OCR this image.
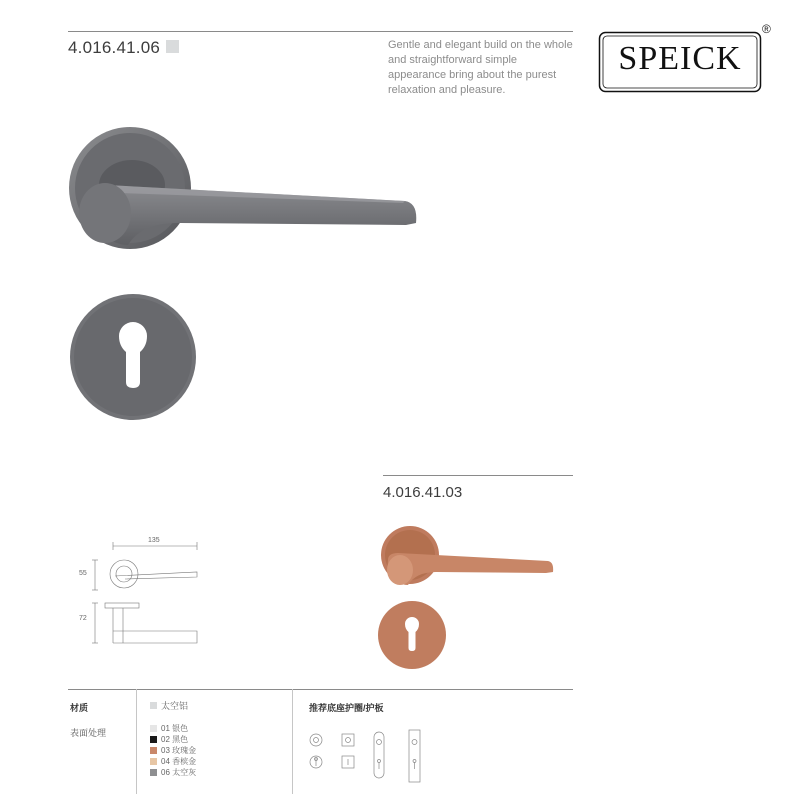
4.016.41.06	Gentle and elegant build on the whole and straightforward simple appearance bring about the purest relaxation and pleasure.
SPEICK
®
4.016.41.03
135
55
72
材质
表面处理
太空铝
01 银色
02 黑色
03 玫瑰金
04 香槟金
06 太空灰
推荐底座护圈/护板
